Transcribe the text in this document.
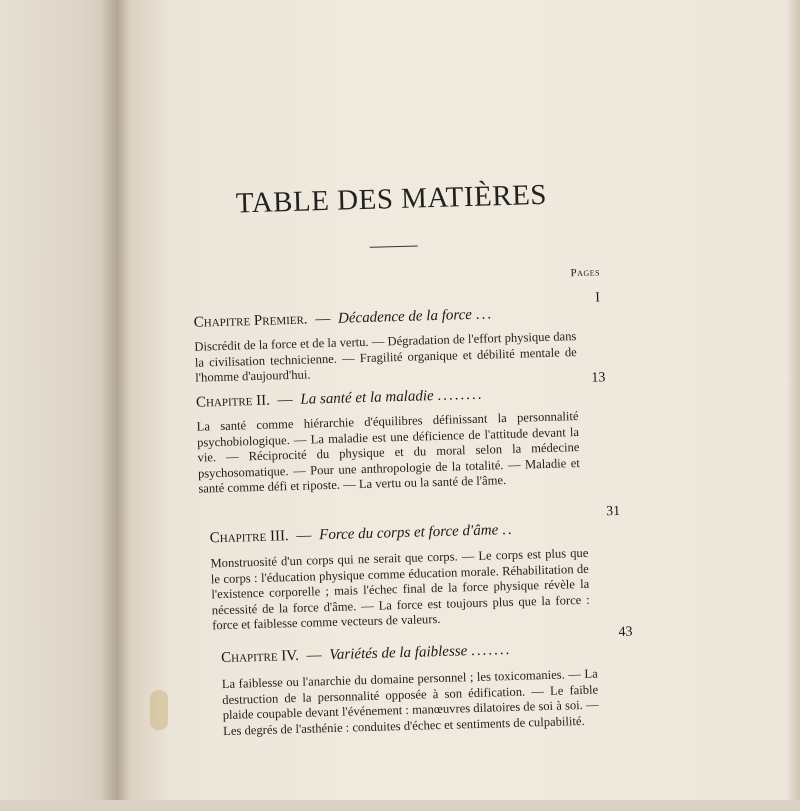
TABLE DES MATIÈRES
Pages
Chapitre Premier. — Décadence de la force ...
I
Discrédit de la force et de la vertu. — Dégradation de l'effort physique dans la civilisation technicienne. — Fragilité organique et débilité mentale de l'homme d'aujourd'hui.
Chapitre II. — La santé et la maladie ........
13
La santé comme hiérarchie d'équilibres définissant la personnalité psychobiologique. — La maladie est une déficience de l'attitude devant la vie. — Réciprocité du physique et du moral selon la médecine psychosomatique. — Pour une anthropologie de la totalité. — Maladie et santé comme défi et riposte. — La vertu ou la santé de l'âme.
Chapitre III. — Force du corps et force d'âme ..
31
Monstruosité d'un corps qui ne serait que corps. — Le corps est plus que le corps : l'éducation physique comme éducation morale. Réhabilitation de l'existence corporelle ; mais l'échec final de la force physique révèle la nécessité de la force d'âme. — La force est toujours plus que la force : force et faiblesse comme vecteurs de valeurs.
Chapitre IV. — Variétés de la faiblesse .......
43
La faiblesse ou l'anarchie du domaine personnel ; les toxicomanies. — La destruction de la personnalité opposée à son édification. — Le faible plaide coupable devant l'événement : manœuvres dilatoires de soi à soi. — Les degrés de l'asthénie : conduites d'échec et sentiments de culpabilité.
